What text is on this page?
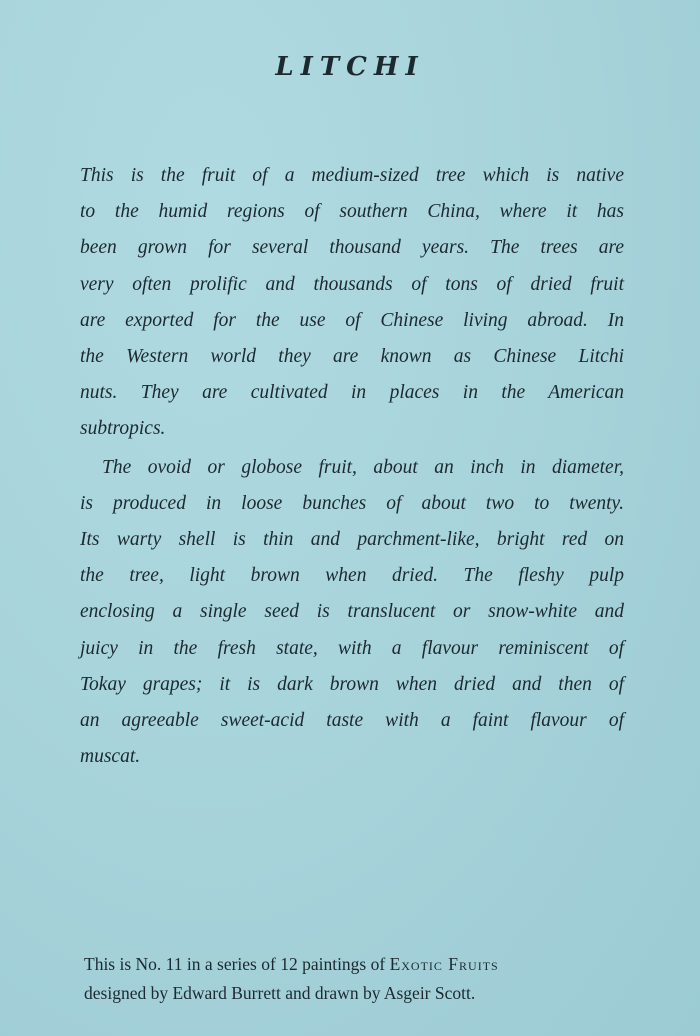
LITCHI
This is the fruit of a medium-sized tree which is native
to the humid regions of southern China, where it has
been grown for several thousand years. The trees are
very often prolific and thousands of tons of dried fruit
are exported for the use of Chinese living abroad. In
the Western world they are known as Chinese Litchi
nuts. They are cultivated in places in the American
subtropics.
The ovoid or globose fruit, about an inch in diameter,
is produced in loose bunches of about two to twenty.
Its warty shell is thin and parchment-like, bright red on
the tree, light brown when dried. The fleshy pulp
enclosing a single seed is translucent or snow-white and
juicy in the fresh state, with a flavour reminiscent of
Tokay grapes; it is dark brown when dried and then of
an agreeable sweet-acid taste with a faint flavour of
muscat.
This is No. 11 in a series of 12 paintings of Exotic Fruits
designed by Edward Burrett and drawn by Asgeir Scott.
